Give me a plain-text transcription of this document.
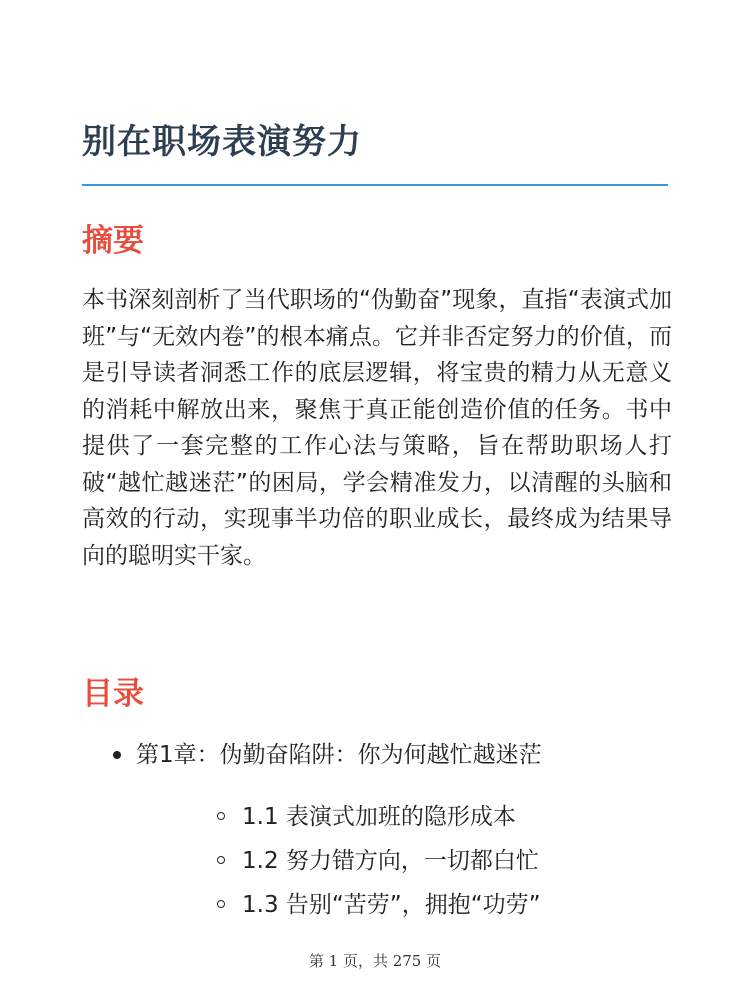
别在职场表演努力
摘要

本书深刻剖析了当代职场的“伪勤奋”现象，直指“表演式加班”与“无效内卷”的根本痛点。它并非否定努力的价值，而是引导读者洞悉工作的底层逻辑，将宝贵的精力从无意义的消耗中解放出来，聚焦于真正能创造价值的任务。书中提供了一套完整的工作心法与策略，旨在帮助职场人打破“越忙越迷茫”的困局，学会精准发力，以清醒的头脑和高效的行动，实现事半功倍的职业成长，最终成为结果导向的聪明实干家。

目录
第1章：伪勤奋陷阱：你为何越忙越迷茫
1.1 表演式加班的隐形成本
1.2 努力错方向，一切都白忙
1.3 告别“苦劳”，拥抱“功劳”
第 1 页，共 275 页
